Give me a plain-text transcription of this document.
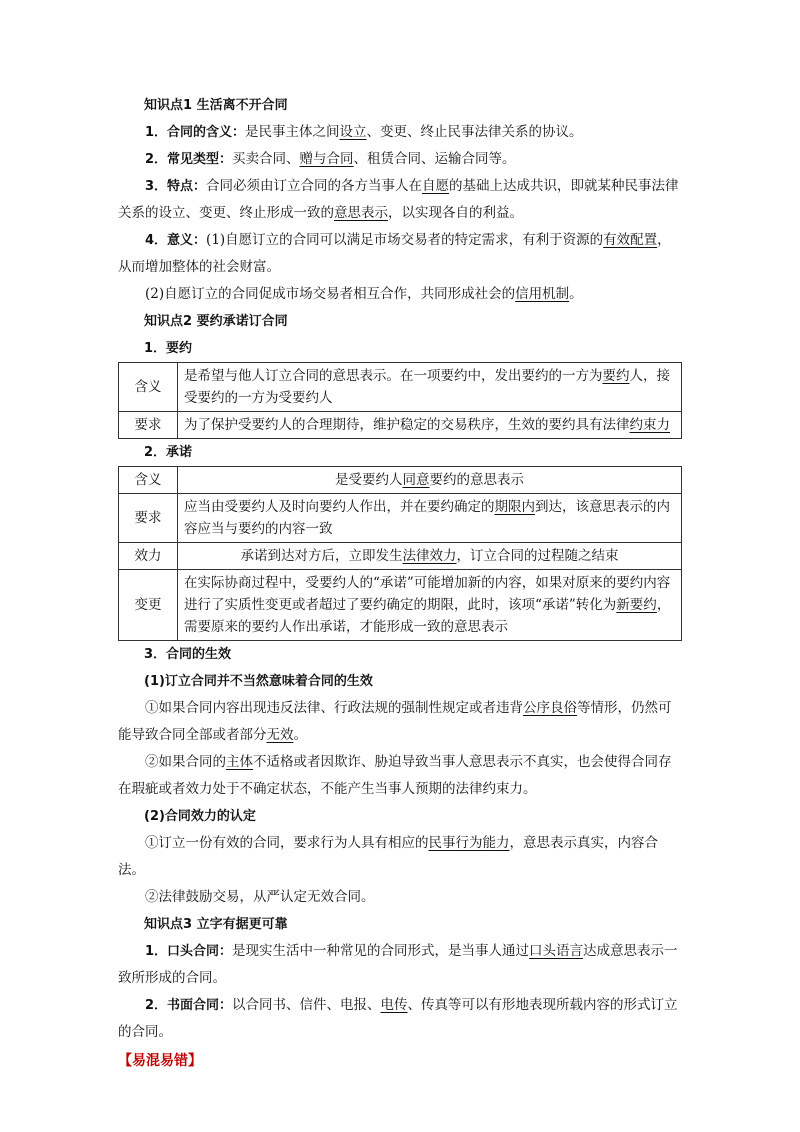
知识点1 生活离不开合同

1．合同的含义：是民事主体之间设立、变更、终止民事法律关系的协议。

2．常见类型：买卖合同、赠与合同、租赁合同、运输合同等。

3．特点：合同必须由订立合同的各方当事人在自愿的基础上达成共识，即就某种民事法律关系的设立、变更、终止形成一致的意思表示，以实现各自的利益。

4．意义：(1)自愿订立的合同可以满足市场交易者的特定需求，有利于资源的有效配置，从而增加整体的社会财富。

(2)自愿订立的合同促成市场交易者相互合作，共同形成社会的信用机制。

知识点2 要约承诺订合同

1．要约

含义	是希望与他人订立合同的意思表示。在一项要约中，发出要约的一方为要约人，接受要约的一方为受要约人
要求	为了保护受要约人的合理期待，维护稳定的交易秩序，生效的要约具有法律约束力

2．承诺

含义	是受要约人同意要约的意思表示
要求	应当由受要约人及时向要约人作出，并在要约确定的期限内到达，该意思表示的内容应当与要约的内容一致
效力	承诺到达对方后，立即发生法律效力，订立合同的过程随之结束
变更	在实际协商过程中，受要约人的“承诺”可能增加新的内容，如果对原来的要约内容进行了实质性变更或者超过了要约确定的期限，此时，该项“承诺”转化为新要约，需要原来的要约人作出承诺，才能形成一致的意思表示

3．合同的生效

(1)订立合同并不当然意味着合同的生效

①如果合同内容出现违反法律、行政法规的强制性规定或者违背公序良俗等情形，仍然可能导致合同全部或者部分无效。

②如果合同的主体不适格或者因欺诈、胁迫导致当事人意思表示不真实，也会使得合同存在瑕疵或者效力处于不确定状态，不能产生当事人预期的法律约束力。

(2)合同效力的认定

①订立一份有效的合同，要求行为人具有相应的民事行为能力，意思表示真实，内容合法。

②法律鼓励交易，从严认定无效合同。

知识点3 立字有据更可靠

1．口头合同：是现实生活中一种常见的合同形式，是当事人通过口头语言达成意思表示一致所形成的合同。

2．书面合同：以合同书、信件、电报、电传、传真等可以有形地表现所载内容的形式订立的合同。

【易混易错】
